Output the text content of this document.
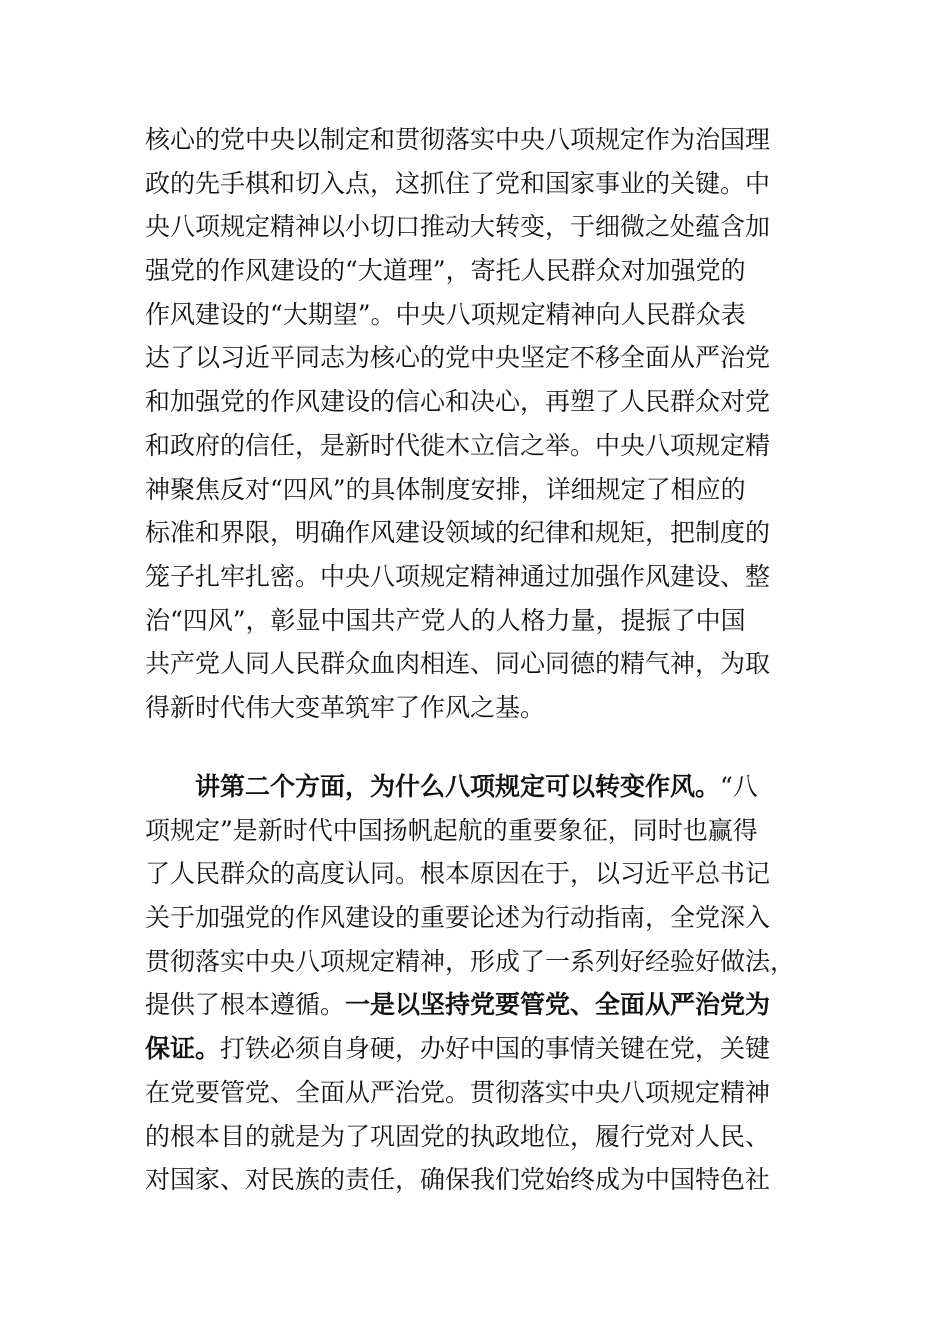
核心的党中央以制定和贯彻落实中央八项规定作为治国理
政的先手棋和切入点，这抓住了党和国家事业的关键。中
央八项规定精神以小切口推动大转变，于细微之处蕴含加
强党的作风建设的“大道理”，寄托人民群众对加强党的
作风建设的“大期望”。中央八项规定精神向人民群众表
达了以习近平同志为核心的党中央坚定不移全面从严治党
和加强党的作风建设的信心和决心，再塑了人民群众对党
和政府的信任，是新时代徙木立信之举。中央八项规定精
神聚焦反对“四风”的具体制度安排，详细规定了相应的
标准和界限，明确作风建设领域的纪律和规矩，把制度的
笼子扎牢扎密。中央八项规定精神通过加强作风建设、整
治“四风”，彰显中国共产党人的人格力量，提振了中国
共产党人同人民群众血肉相连、同心同德的精气神，为取
得新时代伟大变革筑牢了作风之基。
讲第二个方面，为什么八项规定可以转变作风。“八
项规定”是新时代中国扬帆起航的重要象征，同时也赢得
了人民群众的高度认同。根本原因在于，以习近平总书记
关于加强党的作风建设的重要论述为行动指南，全党深入
贯彻落实中央八项规定精神，形成了一系列好经验好做法，
提供了根本遵循。一是以坚持党要管党、全面从严治党为
保证。打铁必须自身硬，办好中国的事情关键在党，关键
在党要管党、全面从严治党。贯彻落实中央八项规定精神
的根本目的就是为了巩固党的执政地位，履行党对人民、
对国家、对民族的责任，确保我们党始终成为中国特色社
